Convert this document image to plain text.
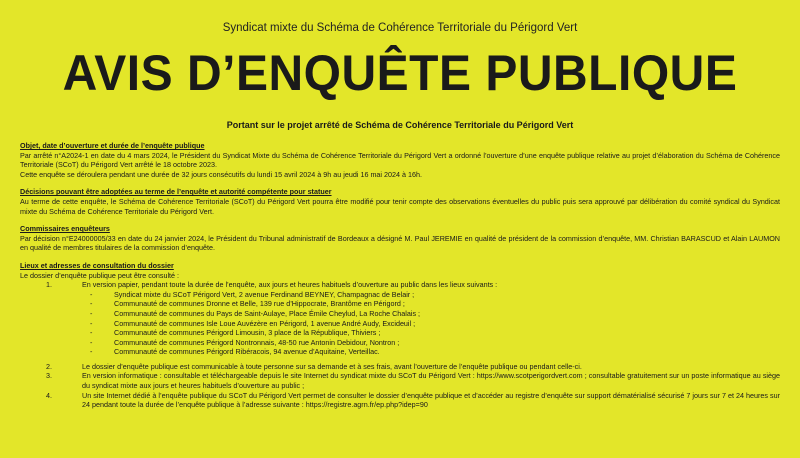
Syndicat mixte du Schéma de Cohérence Territoriale du Périgord Vert

AVIS D’ENQUÊTE PUBLIQUE

Portant sur le projet arrêté de Schéma de Cohérence Territoriale du Périgord Vert

Objet, date d’ouverture et durée de l’enquête publique
Par arrêté n°A2024-1 en date du 4 mars 2024, le Président du Syndicat Mixte du Schéma de Cohérence Territoriale du Périgord Vert a ordonné l’ouverture d’une enquête publique relative au projet d’élaboration du Schéma de Cohérence Territoriale (SCoT) du Périgord Vert arrêté le 18 octobre 2023.
Cette enquête se déroulera pendant une durée de 32 jours consécutifs du lundi 15 avril 2024 à 9h au jeudi 16 mai 2024 à 16h.
Décisions pouvant être adoptées au terme de l’enquête et autorité compétente pour statuer
Au terme de cette enquête, le Schéma de Cohérence Territoriale (SCoT) du Périgord Vert pourra être modifié pour tenir compte des observations éventuelles du public puis sera approuvé par délibération du comité syndical du Syndicat mixte du Schéma de Cohérence Territoriale du Périgord Vert.
Commissaires enquêteurs
Par décision n°E24000005/33 en date du 24 janvier 2024, le Président du Tribunal administratif de Bordeaux a désigné M. Paul JEREMIE en qualité de président de la commission d’enquête, MM. Christian BARASCUD et Alain LAUMON en qualité de membres titulaires de la commission d’enquête.
Lieux et adresses de consultation du dossier
Le dossier d’enquête publique peut être consulté :
1.	En version papier, pendant toute la durée de l’enquête, aux jours et heures habituels d’ouverture au public dans les lieux suivants :
-	Syndicat mixte du SCoT Périgord Vert, 2 avenue Ferdinand BEYNEY, Champagnac de Belair ;
-	Communauté de communes Dronne et Belle, 139 rue d’Hippocrate, Brantôme en Périgord ;
-	Communauté de communes du Pays de Saint-Aulaye, Place Émile Cheylud, La Roche Chalais ;
-	Communauté de communes Isle Loue Auvézère en Périgord, 1 avenue André Audy, Excideuil ;
-	Communauté de communes Périgord Limousin, 3 place de la République, Thiviers ;
-	Communauté de communes Périgord Nontronnais, 48-50 rue Antonin Debidour, Nontron ;
-	Communauté de communes Périgord Ribéracois, 94 avenue d’Aquitaine, Verteillac.
2.	Le dossier d’enquête publique est communicable à toute personne sur sa demande et à ses frais, avant l’ouverture de l’enquête publique ou pendant celle-ci.
3.	En version informatique : consultable et téléchargeable depuis le site Internet du syndicat mixte du SCoT du Périgord Vert : https://www.scotperigordvert.com ; consultable gratuitement sur un poste informatique au siège du syndicat mixte aux jours et heures habituels d’ouverture au public ;
4.	Un site Internet dédié à l’enquête publique du SCoT du Périgord Vert permet de consulter le dossier d’enquête publique et d’accéder au registre d’enquête sur support dématérialisé sécurisé 7 jours sur 7 et 24 heures sur 24 pendant toute la durée de l’enquête publique à l’adresse suivante : https://registre.agrn.fr/ep.php?idep=90
